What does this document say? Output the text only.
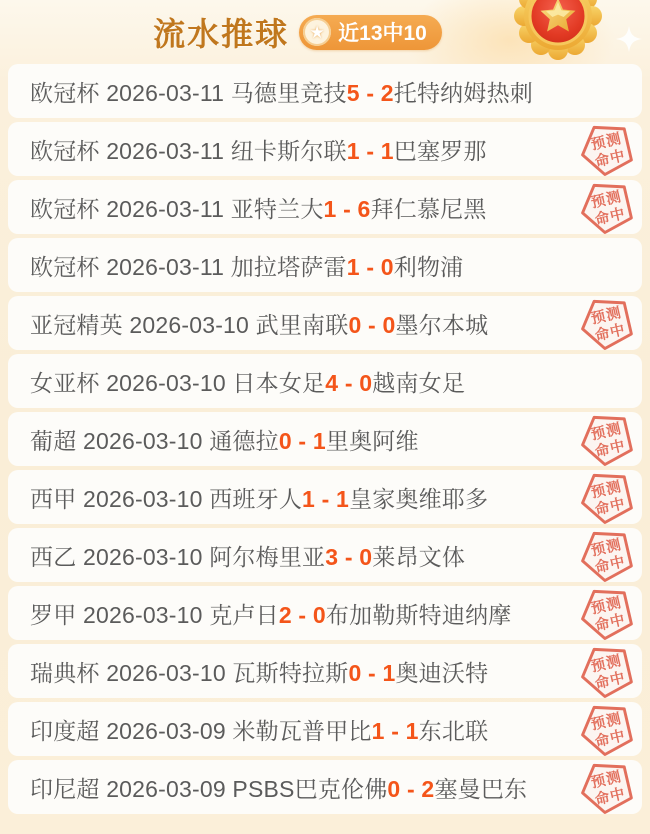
流水推球 ★ 近13中10
欧冠杯 2026-03-11 马德里竞技5 - 2托特纳姆热刺
欧冠杯 2026-03-11 纽卡斯尔联1 - 1巴塞罗那	预测
命中
欧冠杯 2026-03-11 亚特兰大1 - 6拜仁慕尼黑	预测
命中
欧冠杯 2026-03-11 加拉塔萨雷1 - 0利物浦
亚冠精英 2026-03-10 武里南联0 - 0墨尔本城	预测
命中
女亚杯 2026-03-10 日本女足4 - 0越南女足
葡超 2026-03-10 通德拉0 - 1里奥阿维	预测
命中
西甲 2026-03-10 西班牙人1 - 1皇家奥维耶多	预测
命中
西乙 2026-03-10 阿尔梅里亚3 - 0莱昂文体	预测
命中
罗甲 2026-03-10 克卢日2 - 0布加勒斯特迪纳摩	预测
命中
瑞典杯 2026-03-10 瓦斯特拉斯0 - 1奥迪沃特	预测
命中
印度超 2026-03-09 米勒瓦普甲比1 - 1东北联	预测
命中
印尼超 2026-03-09 PSBS巴克伦佛0 - 2塞曼巴东	预测
命中
